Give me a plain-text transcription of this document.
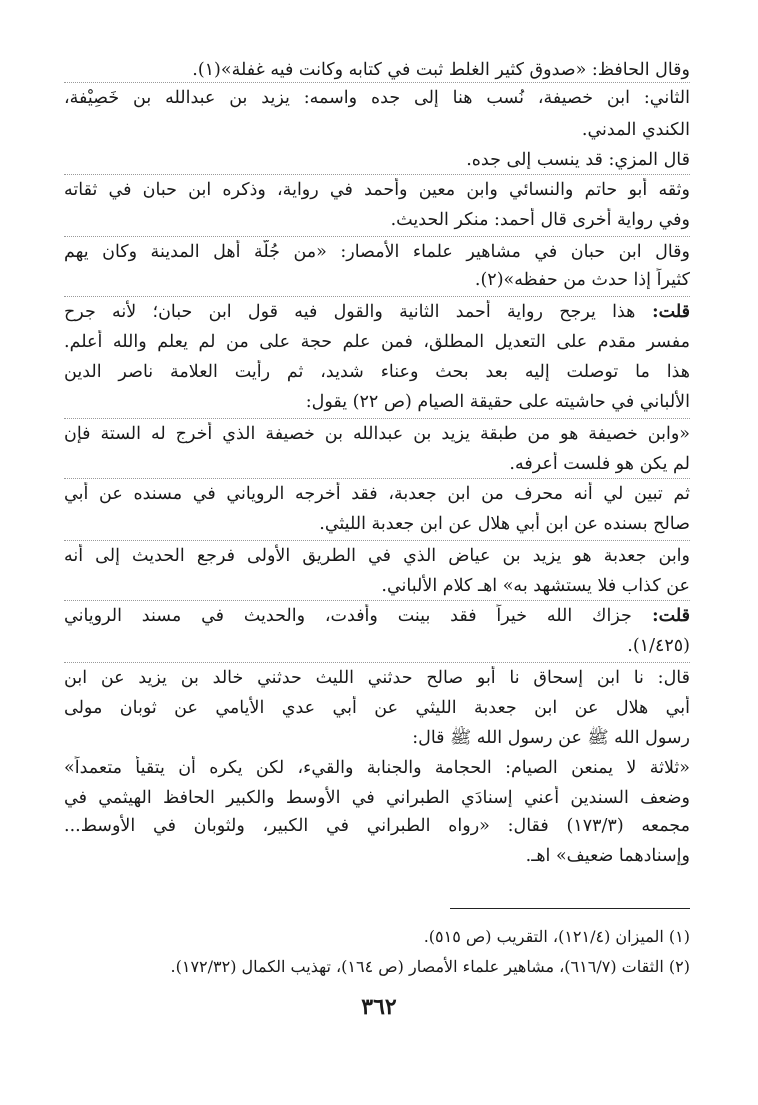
وقال الحافظ: «صدوق كثير الغلط ثبت في كتابه وكانت فيه غفلة»(١).
الثاني: ابن خصيفة، نُسب هنا إلى جده واسمه: يزيد بن عبدالله بن خَصِيْفة،
الكندي المدني.
قال المزي: قد ينسب إلى جده.
وثقه أبو حاتم والنسائي وابن معين وأحمد في رواية، وذكره ابن حبان في ثقاته
وفي رواية أخرى قال أحمد: منكر الحديث.
وقال ابن حبان في مشاهير علماء الأمصار: «من جُلَّة أهل المدينة وكان يهم
كثيراً إذا حدث من حفظه»(٢).
قلت: هذا يرجح رواية أحمد الثانية والقول فيه قول ابن حبان؛ لأنه جرح
مفسر مقدم على التعديل المطلق، فمن علم حجة على من لم يعلم والله أعلم.
هذا ما توصلت إليه بعد بحث وعناء شديد، ثم رأيت العلامة ناصر الدين
الألباني في حاشيته على حقيقة الصيام (ص ٢٢) يقول:
«وابن خصيفة هو من طبقة يزيد بن عبدالله بن خصيفة الذي أخرج له الستة فإن
لم يكن هو فلست أعرفه.
ثم تبين لي أنه محرف من ابن جعدبة، فقد أخرجه الروياني في مسنده عن أبي
صالح بسنده عن ابن أبي هلال عن ابن جعدبة الليثي.
وابن جعدبة هو يزيد بن عياض الذي في الطريق الأولى فرجع الحديث إلى أنه
عن كذاب فلا يستشهد به» اهـ كلام الألباني.
قلت: جزاك الله خيراً فقد بينت وأفدت، والحديث في مسند الروياني
(١/٤٢٥).
قال: نا ابن إسحاق نا أبو صالح حدثني الليث حدثني خالد بن يزيد عن ابن
أبي هلال عن ابن جعدبة الليثي عن أبي عدي الأيامي عن ثوبان مولى
رسول الله ﷺ عن رسول الله ﷺ قال:
«ثلاثة لا يمنعن الصيام: الحجامة والجنابة والقيء، لكن يكره أن يتقيأ متعمداً»
وضعف السندين أعني إسنادَي الطبراني في الأوسط والكبير الحافظ الهيثمي في
مجمعه (١٧٣/٣) فقال: «رواه الطبراني في الكبير، ولثوبان في الأوسط...
وإسنادهما ضعيف» اهـ.
(١) الميزان (١٢١/٤)، التقريب (ص ٥١٥).
(٢) الثقات (٦١٦/٧)، مشاهير علماء الأمصار (ص ١٦٤)، تهذيب الكمال (١٧٢/٣٢).
٣٦٢
